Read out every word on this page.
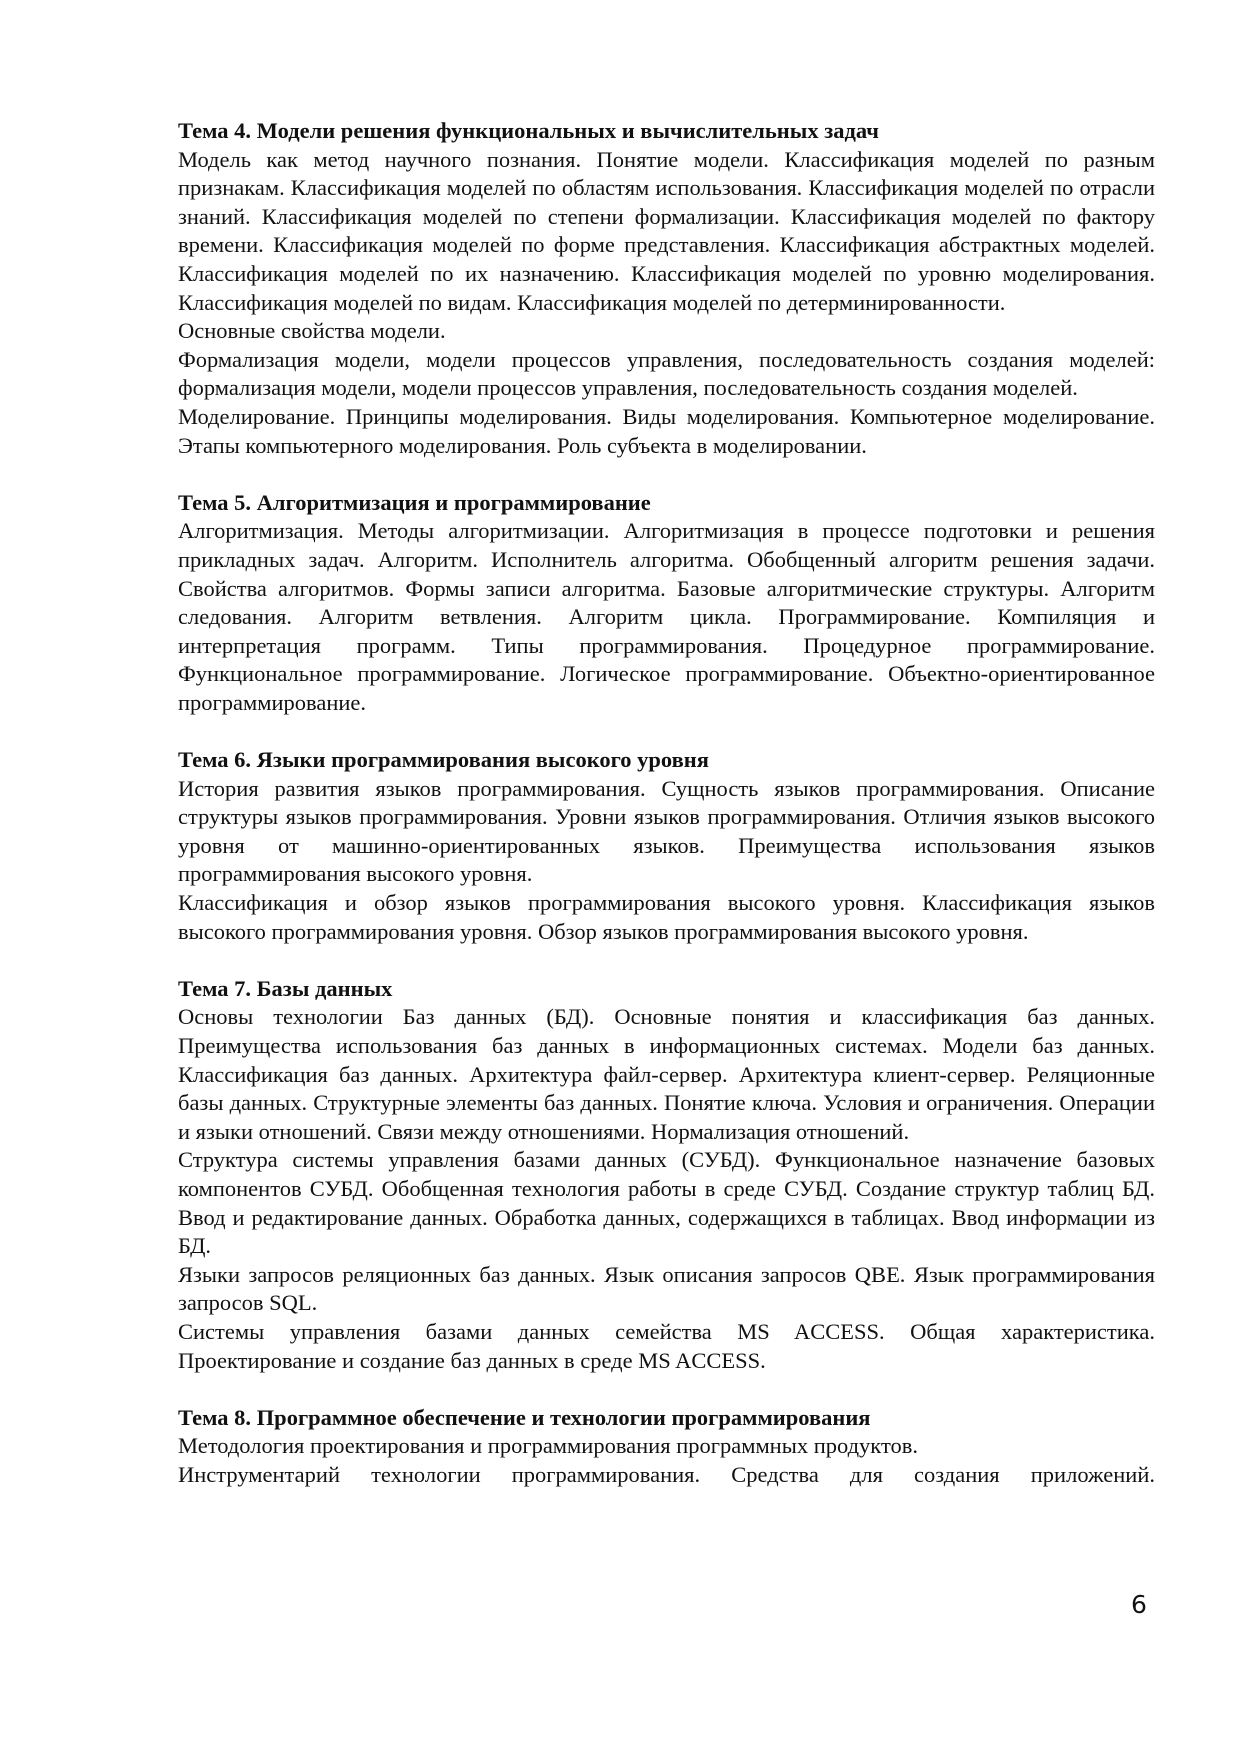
Тема 4. Модели решения функциональных и вычислительных задач

Модель как метод научного познания. Понятие модели. Классификация моделей по разным признакам. Классификация моделей по областям использования. Классификация моделей по отрасли знаний. Классификация моделей по степени формализации. Классификация моделей по фактору времени. Классификация моделей по форме представления. Классификация абстрактных моделей. Классификация моделей по их назначению. Классификация моделей по уровню моделирования. Классификация моделей по видам. Классификация моделей по детерминированности.

Основные свойства модели.

Формализация модели, модели процессов управления, последовательность создания моделей: формализация модели, модели процессов управления, последовательность создания моделей.

Моделирование. Принципы моделирования. Виды моделирования. Компьютерное моделирование. Этапы компьютерного моделирования. Роль субъекта в моделировании.

Тема 5. Алгоритмизация и программирование

Алгоритмизация. Методы алгоритмизации. Алгоритмизация в процессе подготовки и решения прикладных задач. Алгоритм. Исполнитель алгоритма. Обобщенный алгоритм решения задачи. Свойства алгоритмов. Формы записи алгоритма. Базовые алгоритмические структуры. Алгоритм следования. Алгоритм ветвления. Алгоритм цикла. Программирование. Компиляция и интерпретация программ. Типы программирования. Процедурное программирование. Функциональное программирование. Логическое программирование. Объектно-ориентированное программирование.

Тема 6. Языки программирования высокого уровня

История развития языков программирования. Сущность языков программирования. Описание структуры языков программирования. Уровни языков программирования. Отличия языков высокого уровня от машинно-ориентированных языков. Преимущества использования языков программирования высокого уровня.

Классификация и обзор языков программирования высокого уровня. Классификация языков высокого программирования уровня. Обзор языков программирования высокого уровня.

Тема 7. Базы данных

Основы технологии Баз данных (БД). Основные понятия и классификация баз данных. Преимущества использования баз данных в информационных системах. Модели баз данных. Классификация баз данных. Архитектура файл-сервер. Архитектура клиент-сервер. Реляционные базы данных. Структурные элементы баз данных. Понятие ключа. Условия и ограничения. Операции и языки отношений. Связи между отношениями. Нормализация отношений.

Структура системы управления базами данных (СУБД). Функциональное назначение базовых компонентов СУБД. Обобщенная технология работы в среде СУБД. Создание структур таблиц БД. Ввод и редактирование данных. Обработка данных, содержащихся в таблицах. Ввод информации из БД.

Языки запросов реляционных баз данных. Язык описания запросов QBE. Язык программирования запросов SQL.

Системы управления базами данных семейства MS ACCESS. Общая характеристика. Проектирование и создание баз данных в среде MS ACCESS.

Тема 8. Программное обеспечение и технологии программирования

Методология проектирования и программирования программных продуктов.

Инструментарий технологии программирования. Средства для создания приложений.

6
